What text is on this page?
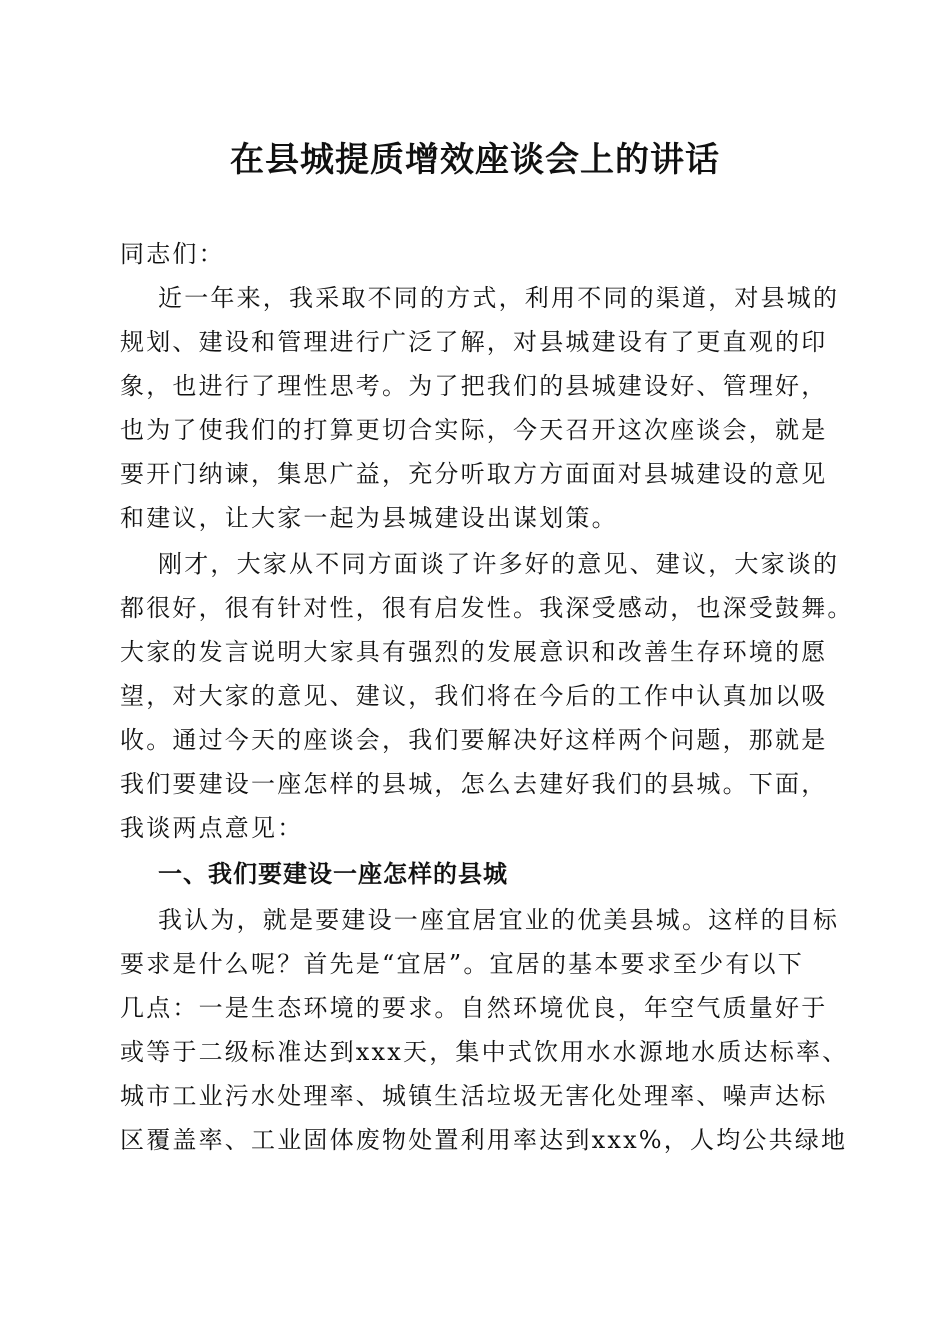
在县城提质增效座谈会上的讲话

同志们：

近一年来，我采取不同的方式，利用不同的渠道，对县城的

规划、建设和管理进行广泛了解，对县城建设有了更直观的印

象，也进行了理性思考。为了把我们的县城建设好、管理好，

也为了使我们的打算更切合实际，今天召开这次座谈会，就是

要开门纳谏，集思广益，充分听取方方面面对县城建设的意见

和建议，让大家一起为县城建设出谋划策。

刚才，大家从不同方面谈了许多好的意见、建议，大家谈的

都很好，很有针对性，很有启发性。我深受感动，也深受鼓舞。

大家的发言说明大家具有强烈的发展意识和改善生存环境的愿

望，对大家的意见、建议，我们将在今后的工作中认真加以吸

收。通过今天的座谈会，我们要解决好这样两个问题，那就是

我们要建设一座怎样的县城，怎么去建好我们的县城。下面，

我谈两点意见：

一、我们要建设一座怎样的县城

我认为，就是要建设一座宜居宜业的优美县城。这样的目标

要求是什么呢？首先是“宜居”。宜居的基本要求至少有以下

几点：一是生态环境的要求。自然环境优良，年空气质量好于

或等于二级标准达到xxx天，集中式饮用水水源地水质达标率、

城市工业污水处理率、城镇生活垃圾无害化处理率、噪声达标

区覆盖率、工业固体废物处置利用率达到xxx%，人均公共绿地
